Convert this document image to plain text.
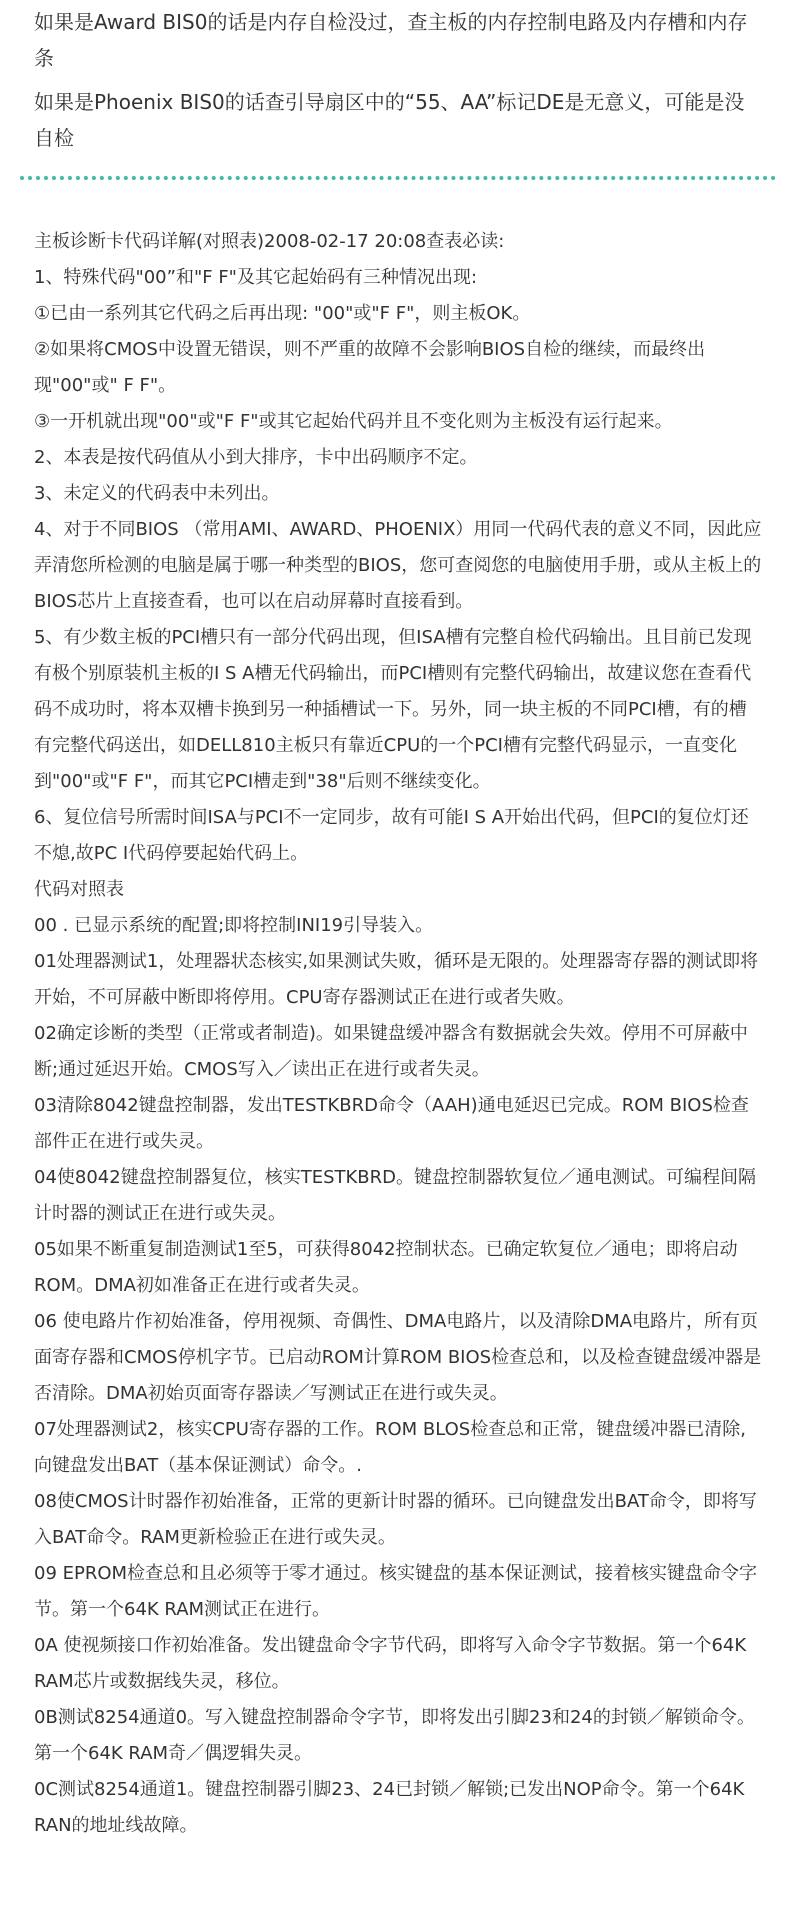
如果是Award BIS0的话是内存自检没过，查主板的内存控制电路及内存槽和内存条

如果是Phoenix BIS0的话查引导扇区中的“55、AA”标记DE是无意义，可能是没自检

主板诊断卡代码详解(对照表)2008-02-17 20:08查表必读:

1、特殊代码"00”和"F F"及其它起始码有三种情况出现:

①已由一系列其它代码之后再出现: "00"或"F F"，则主板OK。

②如果将CMOS中设置无错误，则不严重的故障不会影响BIOS自检的继续，而最终出现"00"或" F F"。

③一开机就出现"00"或"F F"或其它起始代码并且不变化则为主板没有运行起来。

2、本表是按代码值从小到大排序，卡中出码顺序不定。

3、未定义的代码表中未列出。

4、对于不同BIOS （常用AMI、AWARD、PHOENIX）用同一代码代表的意义不同，因此应弄清您所检测的电脑是属于哪一种类型的BIOS，您可查阅您的电脑使用手册，或从主板上的BIOS芯片上直接查看，也可以在启动屏幕时直接看到。

5、有少数主板的PCI槽只有一部分代码出现，但ISA槽有完整自检代码输出。且目前已发现有极个别原装机主板的I S A槽无代码输出，而PCI槽则有完整代码输出，故建议您在查看代码不成功时，将本双槽卡换到另一种插槽试一下。另外，同一块主板的不同PCI槽，有的槽有完整代码送出，如DELL810主板只有靠近CPU的一个PCI槽有完整代码显示，一直变化到"00"或"F F"，而其它PCI槽走到"38"后则不继续变化。

6、复位信号所需时间ISA与PCI不一定同步，故有可能I S A开始出代码，但PCI的复位灯还不熄,故PC I代码停要起始代码上。

代码对照表

00 . 已显示系统的配置;即将控制INI19引导装入。

01处理器测试1，处理器状态核实,如果测试失败，循环是无限的。处理器寄存器的测试即将开始，不可屏蔽中断即将停用。CPU寄存器测试正在进行或者失败。

02确定诊断的类型（正常或者制造)。如果键盘缓冲器含有数据就会失效。停用不可屏蔽中断;通过延迟开始。CMOS写入／读出正在进行或者失灵。

03清除8042键盘控制器，发出TESTKBRD命令（AAH)通电延迟已完成。ROM BIOS检查部件正在进行或失灵。

04使8042键盘控制器复位，核实TESTKBRD。键盘控制器软复位／通电测试。可编程间隔计时器的测试正在进行或失灵。

05如果不断重复制造测试1至5，可获得8042控制状态。已确定软复位／通电；即将启动ROM。DMA初如准备正在进行或者失灵。

06 使电路片作初始准备，停用视频、奇偶性、DMA电路片，以及清除DMA电路片，所有页面寄存器和CMOS停机字节。已启动ROM计算ROM BIOS检查总和，以及检查键盘缓冲器是否清除。DMA初始页面寄存器读／写测试正在进行或失灵。

07处理器测试2，核实CPU寄存器的工作。ROM BLOS检查总和正常，键盘缓冲器已清除,向键盘发出BAT（基本保证测试）命令。.

08使CMOS计时器作初始准备，正常的更新计时器的循环。已向键盘发出BAT命令，即将写入BAT命令。RAM更新检验正在进行或失灵。

09 EPROM检查总和且必须等于零才通过。核实键盘的基本保证测试，接着核实键盘命令字节。第一个64K RAM测试正在进行。

0A 使视频接口作初始准备。发出键盘命令字节代码，即将写入命令字节数据。第一个64K RAM芯片或数据线失灵，移位。

0B测试8254通道0。写入键盘控制器命令字节，即将发出引脚23和24的封锁／解锁命令。第一个64K RAM奇／偶逻辑失灵。

0C测试8254通道1。键盘控制器引脚23、24已封锁／解锁;已发出NOP命令。第一个64K RAN的地址线故障。
